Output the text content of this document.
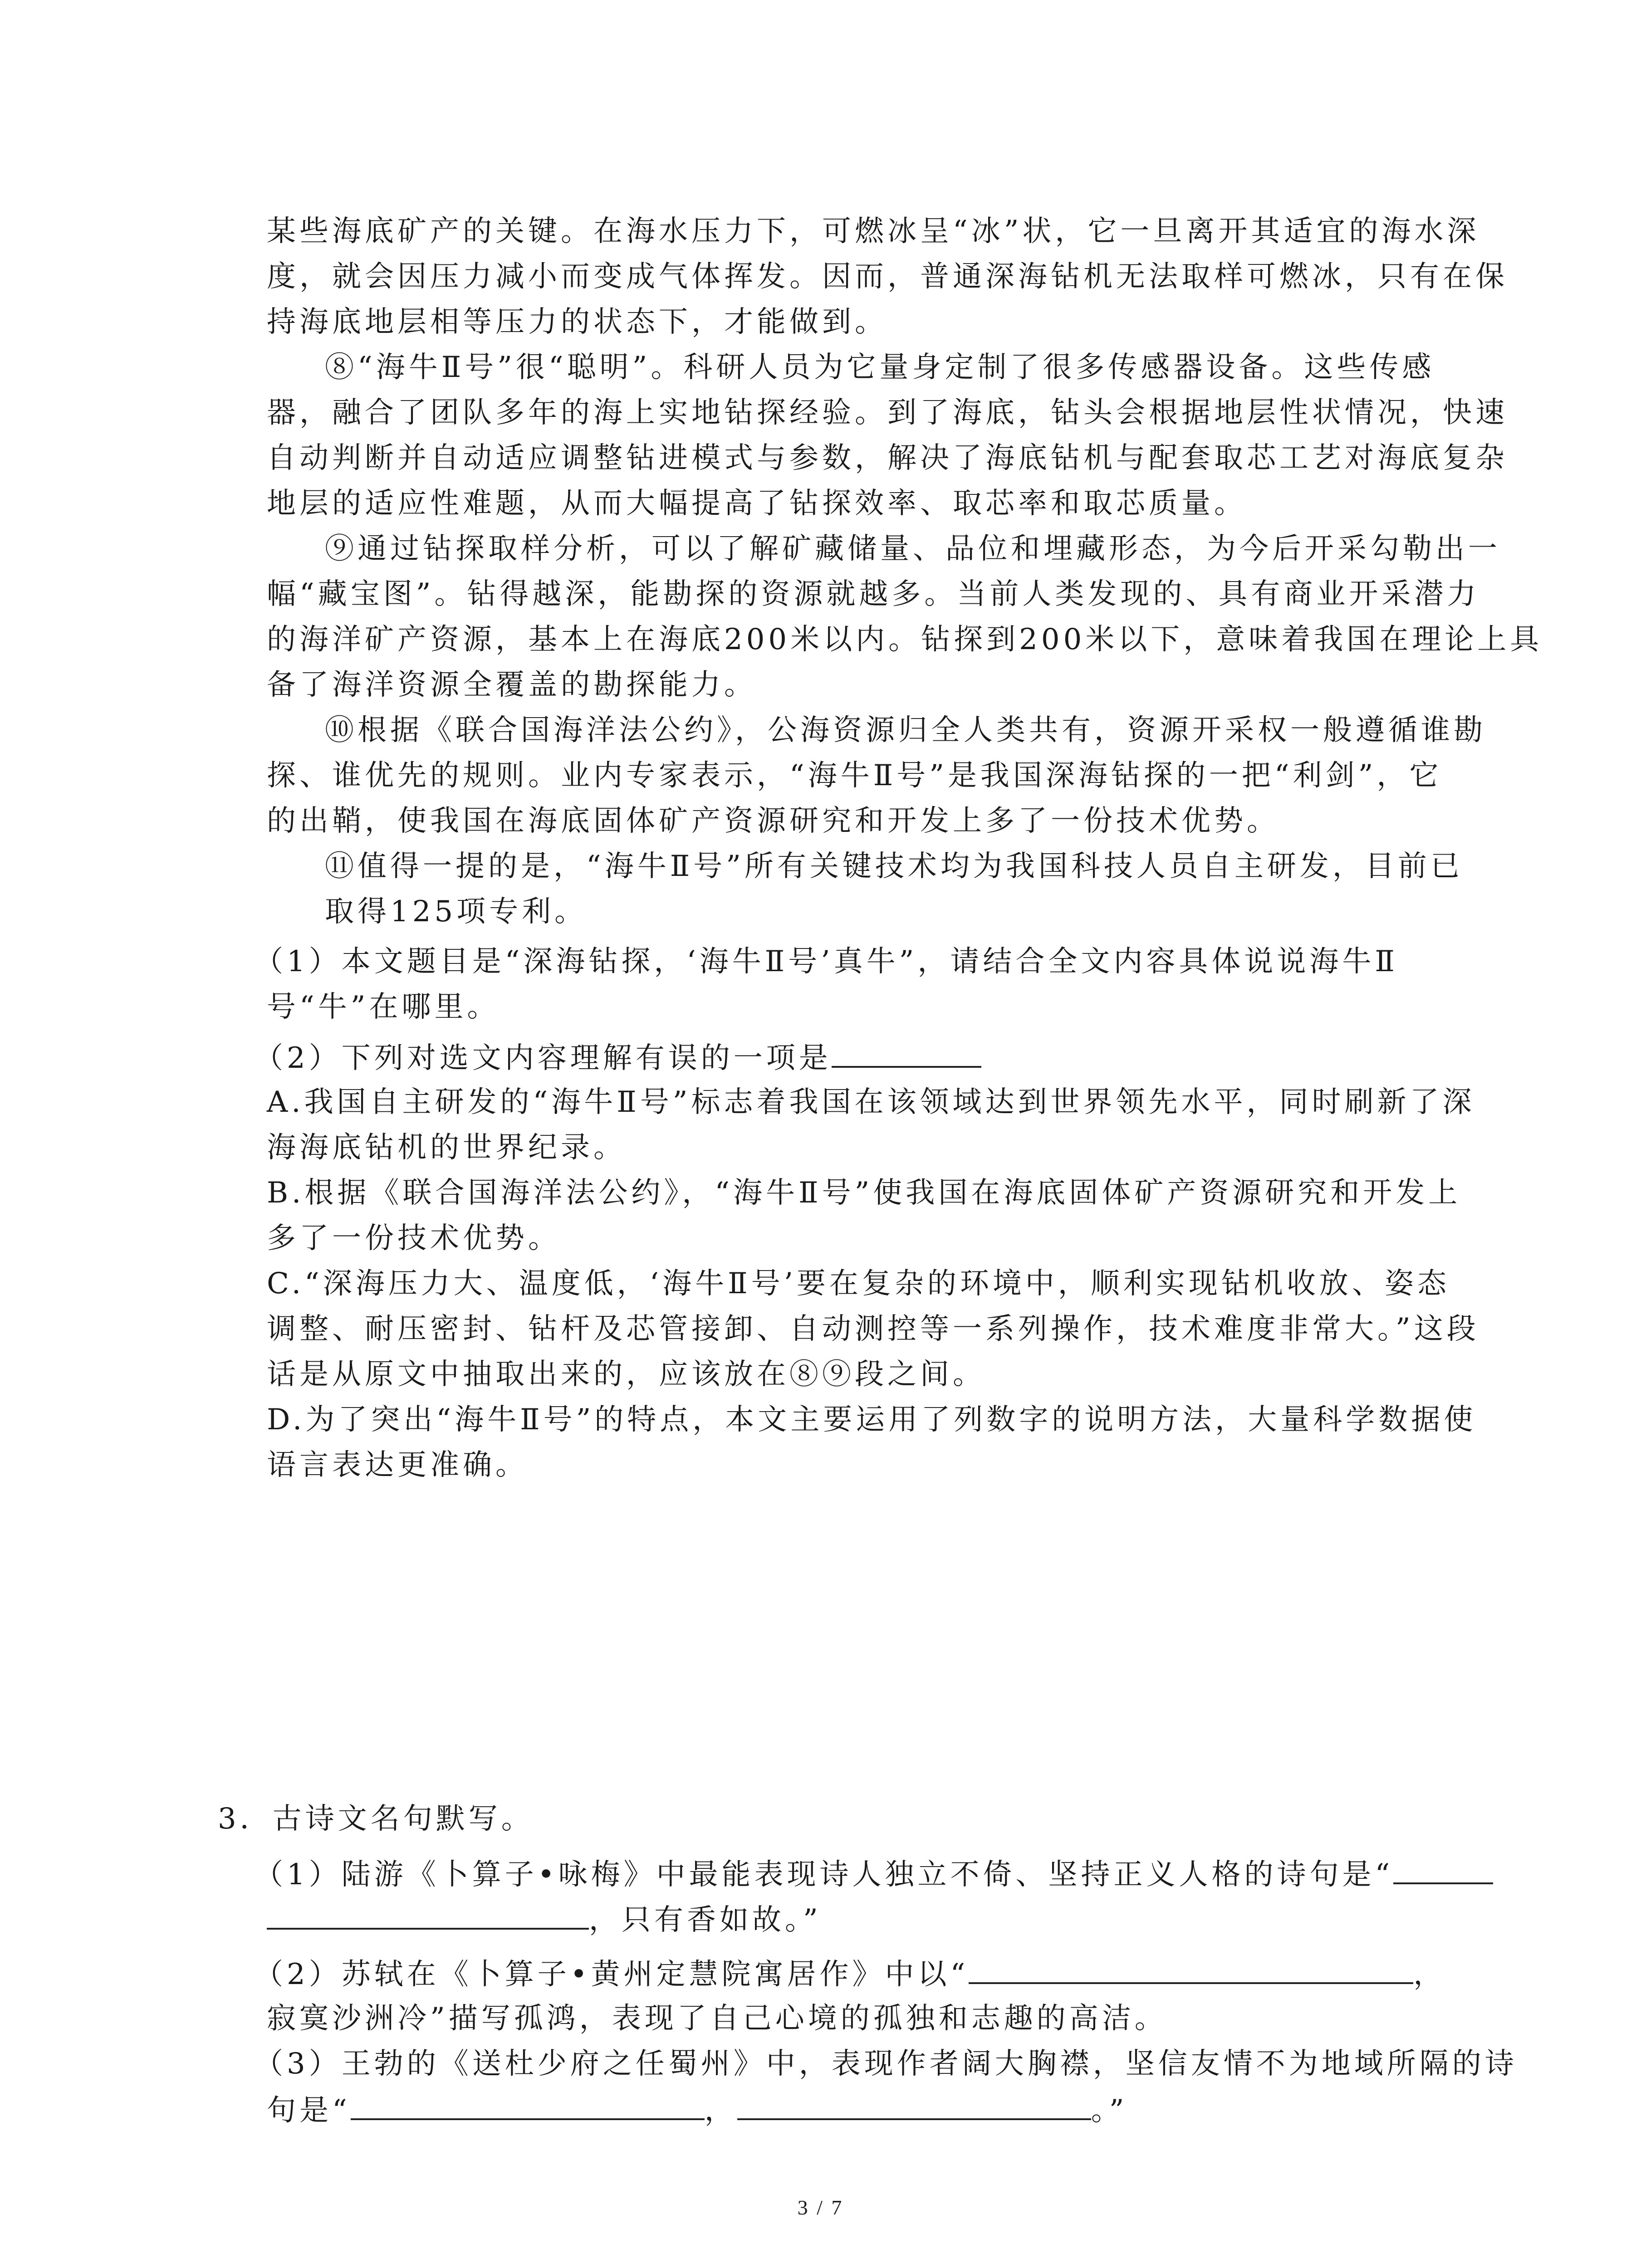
某些海底矿产的关键。在海水压力下，可燃冰呈“冰”状，它一旦离开其适宜的海水深
度，就会因压力减小而变成气体挥发。因而，普通深海钻机无法取样可燃冰，只有在保
持海底地层相等压力的状态下，才能做到。
⑧“海牛Ⅱ号”很“聪明”。科研人员为它量身定制了很多传感器设备。这些传感
器，融合了团队多年的海上实地钻探经验。到了海底，钻头会根据地层性状情况，快速
自动判断并自动适应调整钻进模式与参数，解决了海底钻机与配套取芯工艺对海底复杂
地层的适应性难题，从而大幅提高了钻探效率、取芯率和取芯质量。
⑨通过钻探取样分析，可以了解矿藏储量、品位和埋藏形态，为今后开采勾勒出一
幅“藏宝图”。钻得越深，能勘探的资源就越多。当前人类发现的、具有商业开采潜力
的海洋矿产资源，基本上在海底200米以内。钻探到200米以下，意味着我国在理论上具
备了海洋资源全覆盖的勘探能力。
⑩根据《联合国海洋法公约》，公海资源归全人类共有，资源开采权一般遵循谁勘
探、谁优先的规则。业内专家表示，“海牛Ⅱ号”是我国深海钻探的一把“利剑”，它
的出鞘，使我国在海底固体矿产资源研究和开发上多了一份技术优势。
⑪值得一提的是，“海牛Ⅱ号”所有关键技术均为我国科技人员自主研发，目前已
取得125项专利。
（1）本文题目是“深海钻探，‘海牛Ⅱ号’真牛”，请结合全文内容具体说说海牛Ⅱ
号“牛”在哪里。
（2）下列对选文内容理解有误的一项是
A.我国自主研发的“海牛Ⅱ号”标志着我国在该领域达到世界领先水平，同时刷新了深
海海底钻机的世界纪录。
B.根据《联合国海洋法公约》，“海牛Ⅱ号”使我国在海底固体矿产资源研究和开发上
多了一份技术优势。
C.“深海压力大、温度低，‘海牛Ⅱ号’要在复杂的环境中，顺利实现钻机收放、姿态
调整、耐压密封、钻杆及芯管接卸、自动测控等一系列操作，技术难度非常大。”这段
话是从原文中抽取出来的，应该放在⑧⑨段之间。
D.为了突出“海牛Ⅱ号”的特点，本文主要运用了列数字的说明方法，大量科学数据使
语言表达更准确。
3．古诗文名句默写。
（1）陆游《卜算子•咏梅》中最能表现诗人独立不倚、坚持正义人格的诗句是“
，只有香如故。”
（2）苏轼在《卜算子•黄州定慧院寓居作》中以“	，
寂寞沙洲冷”描写孤鸿，表现了自己心境的孤独和志趣的高洁。
（3）王勃的《送杜少府之任蜀州》中，表现作者阔大胸襟，坚信友情不为地域所隔的诗
句是“	，	。”
3 / 7
